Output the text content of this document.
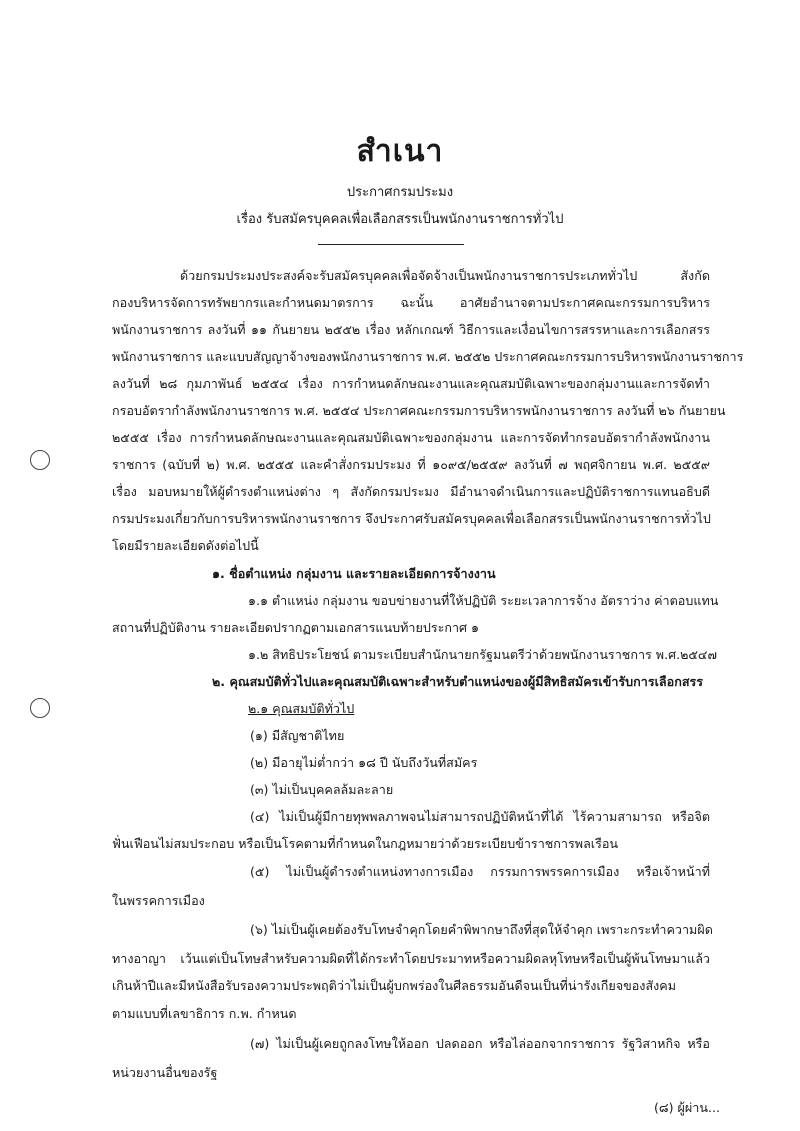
สำเนา
ประกาศกรมประมง
เรื่อง รับสมัครบุคคลเพื่อเลือกสรรเป็นพนักงานราชการทั่วไป
ด้วยกรมประมงประสงค์จะรับสมัครบุคคลเพื่อจัดจ้างเป็นพนักงานราชการประเภททั่วไป สังกัด
กองบริหารจัดการทรัพยากรและกำหนดมาตรการ ฉะนั้น อาศัยอำนาจตามประกาศคณะกรรมการบริหาร
พนักงานราชการ ลงวันที่ ๑๑ กันยายน ๒๕๕๒ เรื่อง หลักเกณฑ์ วิธีการและเงื่อนไขการสรรหาและการเลือกสรร
พนักงานราชการ และแบบสัญญาจ้างของพนักงานราชการ พ.ศ. ๒๕๕๒ ประกาศคณะกรรมการบริหารพนักงานราชการ
ลงวันที่ ๒๘ กุมภาพันธ์ ๒๕๕๔ เรื่อง การกำหนดลักษณะงานและคุณสมบัติเฉพาะของกลุ่มงานและการจัดทำ
กรอบอัตรากำลังพนักงานราชการ พ.ศ. ๒๕๕๔ ประกาศคณะกรรมการบริหารพนักงานราชการ ลงวันที่ ๒๖ กันยายน
๒๕๕๕ เรื่อง การกำหนดลักษณะงานและคุณสมบัติเฉพาะของกลุ่มงาน และการจัดทำกรอบอัตรากำลังพนักงาน
ราชการ (ฉบับที่ ๒) พ.ศ. ๒๕๕๕ และคำสั่งกรมประมง ที่ ๑๐๙๕/๒๕๕๙ ลงวันที่ ๗ พฤศจิกายน พ.ศ. ๒๕๕๙
เรื่อง มอบหมายให้ผู้ดำรงตำแหน่งต่าง ๆ สังกัดกรมประมง มีอำนาจดำเนินการและปฏิบัติราชการแทนอธิบดี
กรมประมงเกี่ยวกับการบริหารพนักงานราชการ จึงประกาศรับสมัครบุคคลเพื่อเลือกสรรเป็นพนักงานราชการทั่วไป
โดยมีรายละเอียดดังต่อไปนี้
๑. ชื่อตำแหน่ง กลุ่มงาน และรายละเอียดการจ้างงาน
๑.๑ ตำแหน่ง กลุ่มงาน ขอบข่ายงานที่ให้ปฏิบัติ ระยะเวลาการจ้าง อัตราว่าง ค่าตอบแทน
สถานที่ปฏิบัติงาน รายละเอียดปรากฏตามเอกสารแนบท้ายประกาศ ๑
๑.๒ สิทธิประโยชน์ ตามระเบียบสำนักนายกรัฐมนตรีว่าด้วยพนักงานราชการ พ.ศ.๒๕๔๗
๒. คุณสมบัติทั่วไปและคุณสมบัติเฉพาะสำหรับตำแหน่งของผู้มีสิทธิสมัครเข้ารับการเลือกสรร
๒.๑ คุณสมบัติทั่วไป
(๑) มีสัญชาติไทย
(๒) มีอายุไม่ต่ำกว่า ๑๘ ปี นับถึงวันที่สมัคร
(๓) ไม่เป็นบุคคลล้มละลาย
(๔) ไม่เป็นผู้มีกายทุพพลภาพจนไม่สามารถปฏิบัติหน้าที่ได้ ไร้ความสามารถ หรือจิต
ฟั่นเฟือนไม่สมประกอบ หรือเป็นโรคตามที่กำหนดในกฎหมายว่าด้วยระเบียบข้าราชการพลเรือน
(๕) ไม่เป็นผู้ดำรงตำแหน่งทางการเมือง กรรมการพรรคการเมือง หรือเจ้าหน้าที่
ในพรรคการเมือง
(๖) ไม่เป็นผู้เคยต้องรับโทษจำคุกโดยคำพิพากษาถึงที่สุดให้จำคุก เพราะกระทำความผิด
ทางอาญา เว้นแต่เป็นโทษสำหรับความผิดที่ได้กระทำโดยประมาทหรือความผิดลหุโทษหรือเป็นผู้พ้นโทษมาแล้ว
เกินห้าปีและมีหนังสือรับรองความประพฤติว่าไม่เป็นผู้บกพร่องในศีลธรรมอันดีจนเป็นที่น่ารังเกียจของสังคม
ตามแบบที่เลขาธิการ ก.พ. กำหนด
(๗) ไม่เป็นผู้เคยถูกลงโทษให้ออก ปลดออก หรือไล่ออกจากราชการ รัฐวิสาหกิจ หรือ
หน่วยงานอื่นของรัฐ
(๘) ผู้ผ่าน...
